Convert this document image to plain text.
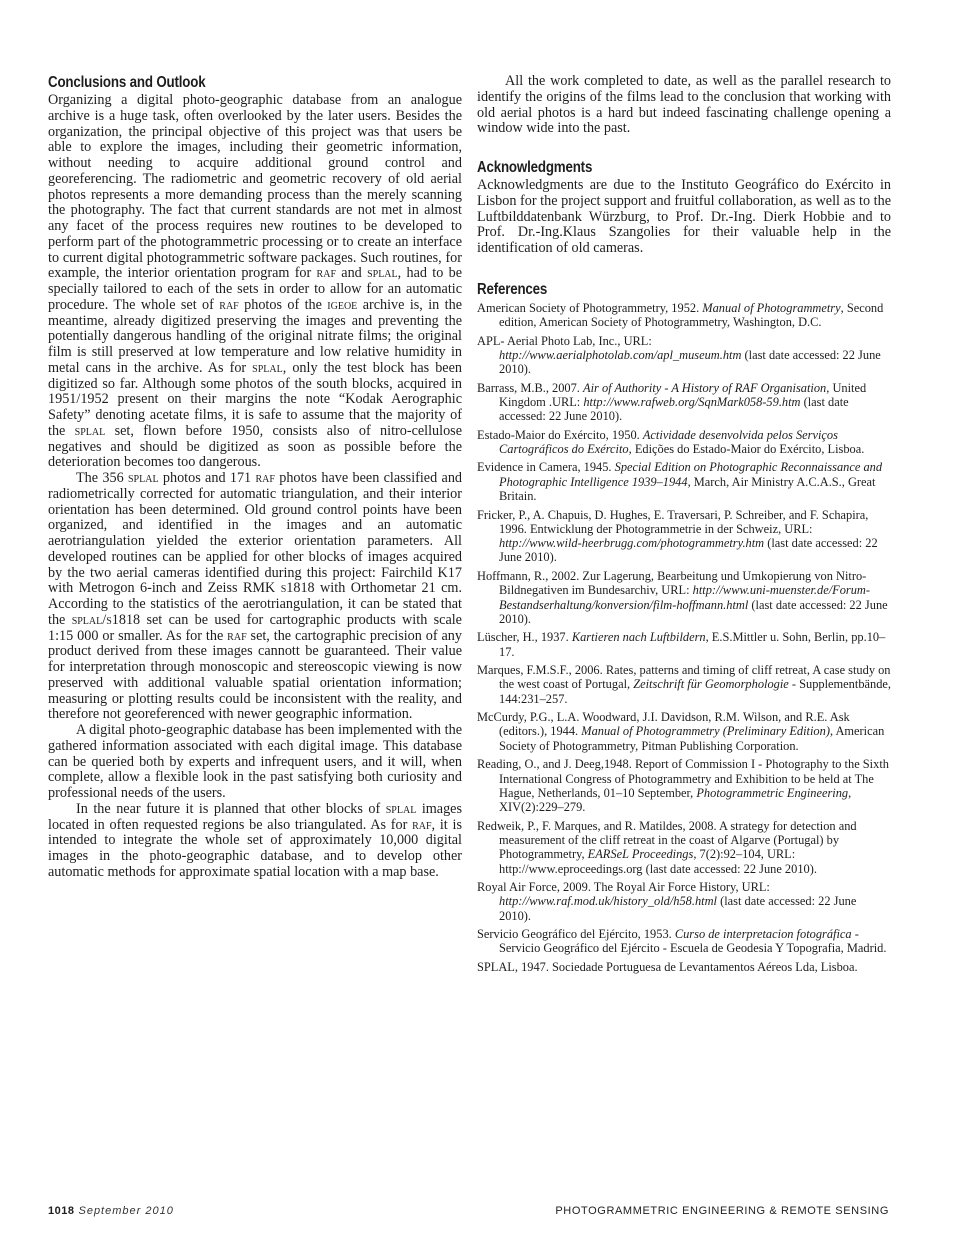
Conclusions and Outlook

Organizing a digital photo-geographic database from an analogue archive is a huge task, often overlooked by the later users. Besides the organization, the principal objective of this project was that users be able to explore the images, including their geometric information, without needing to acquire additional ground control and georeferencing. The radiometric and geometric recovery of old aerial photos represents a more demanding process than the merely scanning the photography. The fact that current standards are not met in almost any facet of the process requires new routines to be developed to perform part of the photogrammetric processing or to create an interface to current digital photogrammetric software packages. Such routines, for example, the interior orientation program for raf and splal, had to be specially tailored to each of the sets in order to allow for an automatic procedure. The whole set of raf photos of the igeoe archive is, in the meantime, already digitized preserving the images and preventing the potentially dangerous handling of the original nitrate films; the original film is still preserved at low temperature and low relative humidity in metal cans in the archive. As for splal, only the test block has been digitized so far. Although some photos of the south blocks, acquired in 1951/1952 present on their margins the note “Kodak Aerographic Safety” denoting acetate films, it is safe to assume that the majority of the splal set, flown before 1950, consists also of nitro-cellulose negatives and should be digitized as soon as possible before the deterioration becomes too dangerous.

The 356 splal photos and 171 raf photos have been classified and radiometrically corrected for automatic triangulation, and their interior orientation has been determined. Old ground control points have been organized, and identified in the images and an automatic aerotriangulation yielded the exterior orientation parameters. All developed routines can be applied for other blocks of images acquired by the two aerial cameras identified during this project: Fairchild K17 with Metrogon 6-inch and Zeiss RMK s1818 with Orthometar 21 cm. According to the statistics of the aerotriangulation, it can be stated that the splal/s1818 set can be used for cartographic products with scale 1:15 000 or smaller. As for the raf set, the cartographic precision of any product derived from these images cannott be guaranteed. Their value for interpretation through monoscopic and stereoscopic viewing is now preserved with additional valuable spatial orientation information; measuring or plotting results could be inconsistent with the reality, and therefore not georeferenced with newer geographic information.

A digital photo-geographic database has been implemented with the gathered information associated with each digital image. This database can be queried both by experts and infrequent users, and it will, when complete, allow a flexible look in the past satisfying both curiosity and professional needs of the users.

In the near future it is planned that other blocks of splal images located in often requested regions be also triangulated. As for raf, it is intended to integrate the whole set of approximately 10,000 digital images in the photo-geographic database, and to develop other automatic methods for approximate spatial location with a map base.

All the work completed to date, as well as the parallel research to identify the origins of the films lead to the conclusion that working with old aerial photos is a hard but indeed fascinating challenge opening a window wide into the past.

Acknowledgments

Acknowledgments are due to the Instituto Geográfico do Exército in Lisbon for the project support and fruitful collaboration, as well as to the Luftbilddatenbank Würzburg, to Prof. Dr.-Ing. Dierk Hobbie and to Prof. Dr.-Ing.Klaus Szangolies for their valuable help in the identification of old cameras.

References

American Society of Photogrammetry, 1952. Manual of Photogrammetry, Second edition, American Society of Photogrammetry, Washington, D.C.

APL- Aerial Photo Lab, Inc., URL: http://www.aerialphotolab.com/apl_museum.htm (last date accessed: 22 June 2010).

Barrass, M.B., 2007. Air of Authority - A History of RAF Organisation, United Kingdom .URL: http://www.rafweb.org/SqnMark058-59.htm (last date accessed: 22 June 2010).

Estado-Maior do Exército, 1950. Actividade desenvolvida pelos Serviços Cartográficos do Exército, Edições do Estado-Maior do Exército, Lisboa.

Evidence in Camera, 1945. Special Edition on Photographic Reconnaissance and Photographic Intelligence 1939–1944, March, Air Ministry A.C.A.S., Great Britain.

Fricker, P., A. Chapuis, D. Hughes, E. Traversari, P. Schreiber, and F. Schapira, 1996. Entwicklung der Photogrammetrie in der Schweiz, URL: http://www.wild-heerbrugg.com/photogrammetry.htm (last date accessed: 22 June 2010).

Hoffmann, R., 2002. Zur Lagerung, Bearbeitung und Umkopierung von Nitro-Bildnegativen im Bundesarchiv, URL: http://www.uni-muenster.de/Forum-Bestandserhaltung/konversion/film-hoffmann.html (last date accessed: 22 June 2010).

Lüscher, H., 1937. Kartieren nach Luftbildern, E.S.Mittler u. Sohn, Berlin, pp.10–17.

Marques, F.M.S.F., 2006. Rates, patterns and timing of cliff retreat, A case study on the west coast of Portugal, Zeitschrift für Geomorphologie - Supplementbände, 144:231–257.

McCurdy, P.G., L.A. Woodward, J.I. Davidson, R.M. Wilson, and R.E. Ask (editors.), 1944. Manual of Photogrammetry (Preliminary Edition), American Society of Photogrammetry, Pitman Publishing Corporation.

Reading, O., and J. Deeg,1948. Report of Commission I - Photography to the Sixth International Congress of Photogrammetry and Exhibition to be held at The Hague, Netherlands, 01–10 September, Photogrammetric Engineering, XIV(2):229–279.

Redweik, P., F. Marques, and R. Matildes, 2008. A strategy for detection and measurement of the cliff retreat in the coast of Algarve (Portugal) by Photogrammetry, EARSeL Proceedings, 7(2):92–104, URL: http://www.eproceedings.org (last date accessed: 22 June 2010).

Royal Air Force, 2009. The Royal Air Force History, URL: http://www.raf.mod.uk/history_old/h58.html (last date accessed: 22 June 2010).

Servicio Geográfico del Ejército, 1953. Curso de interpretacion fotográfica - Servicio Geográfico del Ejército - Escuela de Geodesia Y Topografia, Madrid.

SPLAL, 1947. Sociedade Portuguesa de Levantamentos Aéreos Lda, Lisboa.

1018 September 2010	PHOTOGRAMMETRIC ENGINEERING & REMOTE SENSING
